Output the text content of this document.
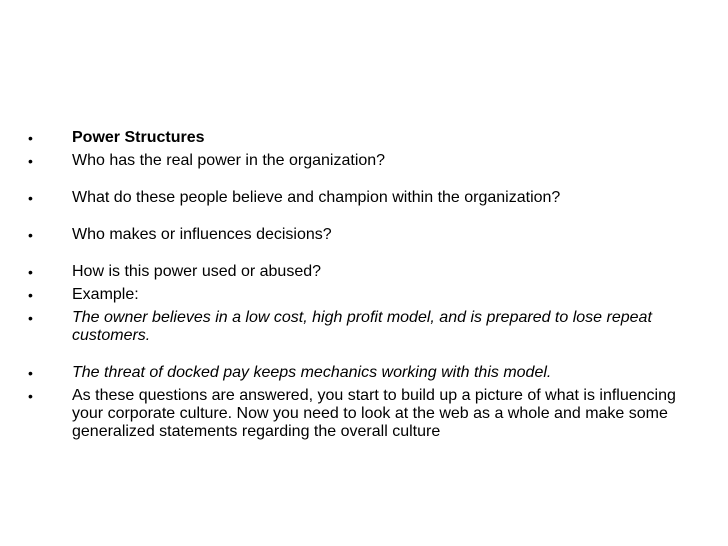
•	Power Structures
•	Who has the real power in the organization?
•	What do these people believe and champion within the organization?
•	Who makes or influences decisions?
•	How is this power used or abused?
•	Example:
•	The owner believes in a low cost, high profit model, and is prepared to lose repeat customers.
•	The threat of docked pay keeps mechanics working with this model.
•	As these questions are answered, you start to build up a picture of what is influencing your corporate culture. Now you need to look at the web as a whole and make some generalized statements regarding the overall culture
